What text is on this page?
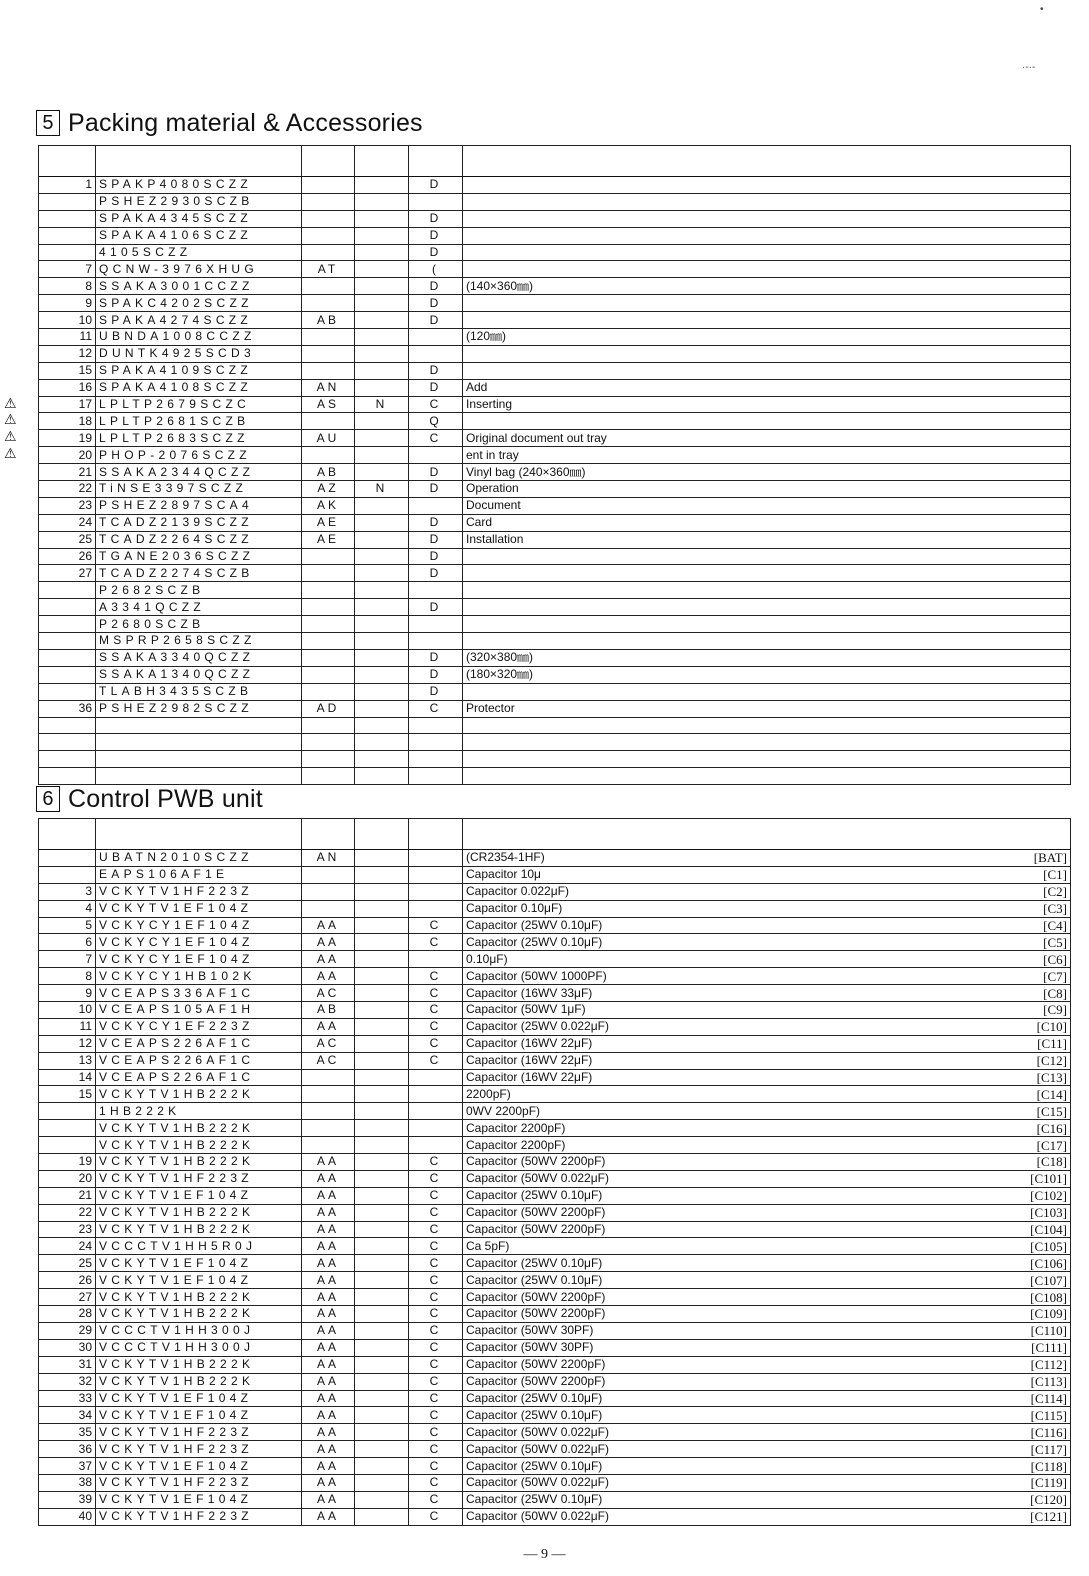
•
·-·-
5 Packing material & Accessories

1	SPAKP4080SCZZ			D	
	PSHEZ2930SCZB				
	SPAKA4345SCZZ			D	
	SPAKA4106SCZZ			D	
	4105SCZZ			D	
7	QCNW-3976XHUG	AT		(	
8	SSAKA3001CCZZ			D	(140×360㎜)
9	SPAKC4202SCZZ			D	
10	SPAKA4274SCZZ	AB		D	
11	UBNDA1008CCZZ				(120㎜)
12	DUNTK4925SCD3				
15	SPAKA4109SCZZ			D	
16	SPAKA4108SCZZ	AN		D	Add
17	LPLTP2679SCZC	AS	N	C	Inserting
18	LPLTP2681SCZB			Q	
19	LPLTP2683SCZZ	AU		C	Original document out tray
20	PHOP-2076SCZZ				ent in tray
21	SSAKA2344QCZZ	AB		D	Vinyl bag (240×360㎜)
22	TiNSE3397SCZZ	AZ	N	D	Operation
23	PSHEZ2897SCA4	AK			Document
24	TCADZ2139SCZZ	AE		D	Card
25	TCADZ2264SCZZ	AE		D	Installation
26	TGANE2036SCZZ			D	
27	TCADZ2274SCZB			D	
	P2682SCZB				
	A3341QCZZ			D	
	P2680SCZB				
	MSPRP2658SCZZ				
	SSAKA3340QCZZ			D	(320×380㎜)
	SSAKA1340QCZZ			D	(180×320㎜)
	TLABH3435SCZB			D	
36	PSHEZ2982SCZZ	AD		C	Protector

6 Control PWB unit

	UBATN2010SCZZ	AN			(CR2354-1HF) [BAT]

	EAPS106AF1E				Capacitor 10μ [C1]

3	VCKYTV1HF223Z				Capacitor 0.022μF) [C2]

4	VCKYTV1EF104Z				Capacitor 0.10μF) [C3]

5	VCKYCY1EF104Z	AA		C	Capacitor (25WV 0.10μF) [C4]

6	VCKYCY1EF104Z	AA		C	Capacitor (25WV 0.10μF) [C5]

7	VCKYCY1EF104Z	AA			0.10μF) [C6]

8	VCKYCY1HB102K	AA		C	Capacitor (50WV 1000PF) [C7]

9	VCEAPS336AF1C	AC		C	Capacitor (16WV 33μF) [C8]

10	VCEAPS105AF1H	AB		C	Capacitor (50WV 1μF) [C9]

11	VCKYCY1EF223Z	AA		C	Capacitor (25WV 0.022μF) [C10]

12	VCEAPS226AF1C	AC		C	Capacitor (16WV 22μF) [C11]

13	VCEAPS226AF1C	AC		C	Capacitor (16WV 22μF) [C12]

14	VCEAPS226AF1C				Capacitor (16WV 22μF) [C13]

15	VCKYTV1HB222K				2200pF) [C14]

	1HB222K				0WV 2200pF) [C15]

	VCKYTV1HB222K				Capacitor 2200pF) [C16]

	VCKYTV1HB222K				Capacitor 2200pF) [C17]

19	VCKYTV1HB222K	AA		C	Capacitor (50WV 2200pF) [C18]

20	VCKYTV1HF223Z	AA		C	Capacitor (50WV 0.022μF) [C101]

21	VCKYTV1EF104Z	AA		C	Capacitor (25WV 0.10μF) [C102]

22	VCKYTV1HB222K	AA		C	Capacitor (50WV 2200pF) [C103]

23	VCKYTV1HB222K	AA		C	Capacitor (50WV 2200pF) [C104]

24	VCCCTV1HH5R0J	AA		C	Ca 5pF) [C105]

25	VCKYTV1EF104Z	AA		C	Capacitor (25WV 0.10μF) [C106]

26	VCKYTV1EF104Z	AA		C	Capacitor (25WV 0.10μF) [C107]

27	VCKYTV1HB222K	AA		C	Capacitor (50WV 2200pF) [C108]

28	VCKYTV1HB222K	AA		C	Capacitor (50WV 2200pF) [C109]

29	VCCCTV1HH300J	AA		C	Capacitor (50WV 30PF) [C110]

30	VCCCTV1HH300J	AA		C	Capacitor (50WV 30PF) [C111]

31	VCKYTV1HB222K	AA		C	Capacitor (50WV 2200pF) [C112]

32	VCKYTV1HB222K	AA		C	Capacitor (50WV 2200pF) [C113]

33	VCKYTV1EF104Z	AA		C	Capacitor (25WV 0.10μF) [C114]

34	VCKYTV1EF104Z	AA		C	Capacitor (25WV 0.10μF) [C115]

35	VCKYTV1HF223Z	AA		C	Capacitor (50WV 0.022μF) [C116]

36	VCKYTV1HF223Z	AA		C	Capacitor (50WV 0.022μF) [C117]

37	VCKYTV1EF104Z	AA		C	Capacitor (25WV 0.10μF) [C118]

38	VCKYTV1HF223Z	AA		C	Capacitor (50WV 0.022μF) [C119]

39	VCKYTV1EF104Z	AA		C	Capacitor (25WV 0.10μF) [C120]

40	VCKYTV1HF223Z	AA		C	Capacitor (50WV 0.022μF) [C121]
— 9 —
⚠
⚠
⚠
⚠
